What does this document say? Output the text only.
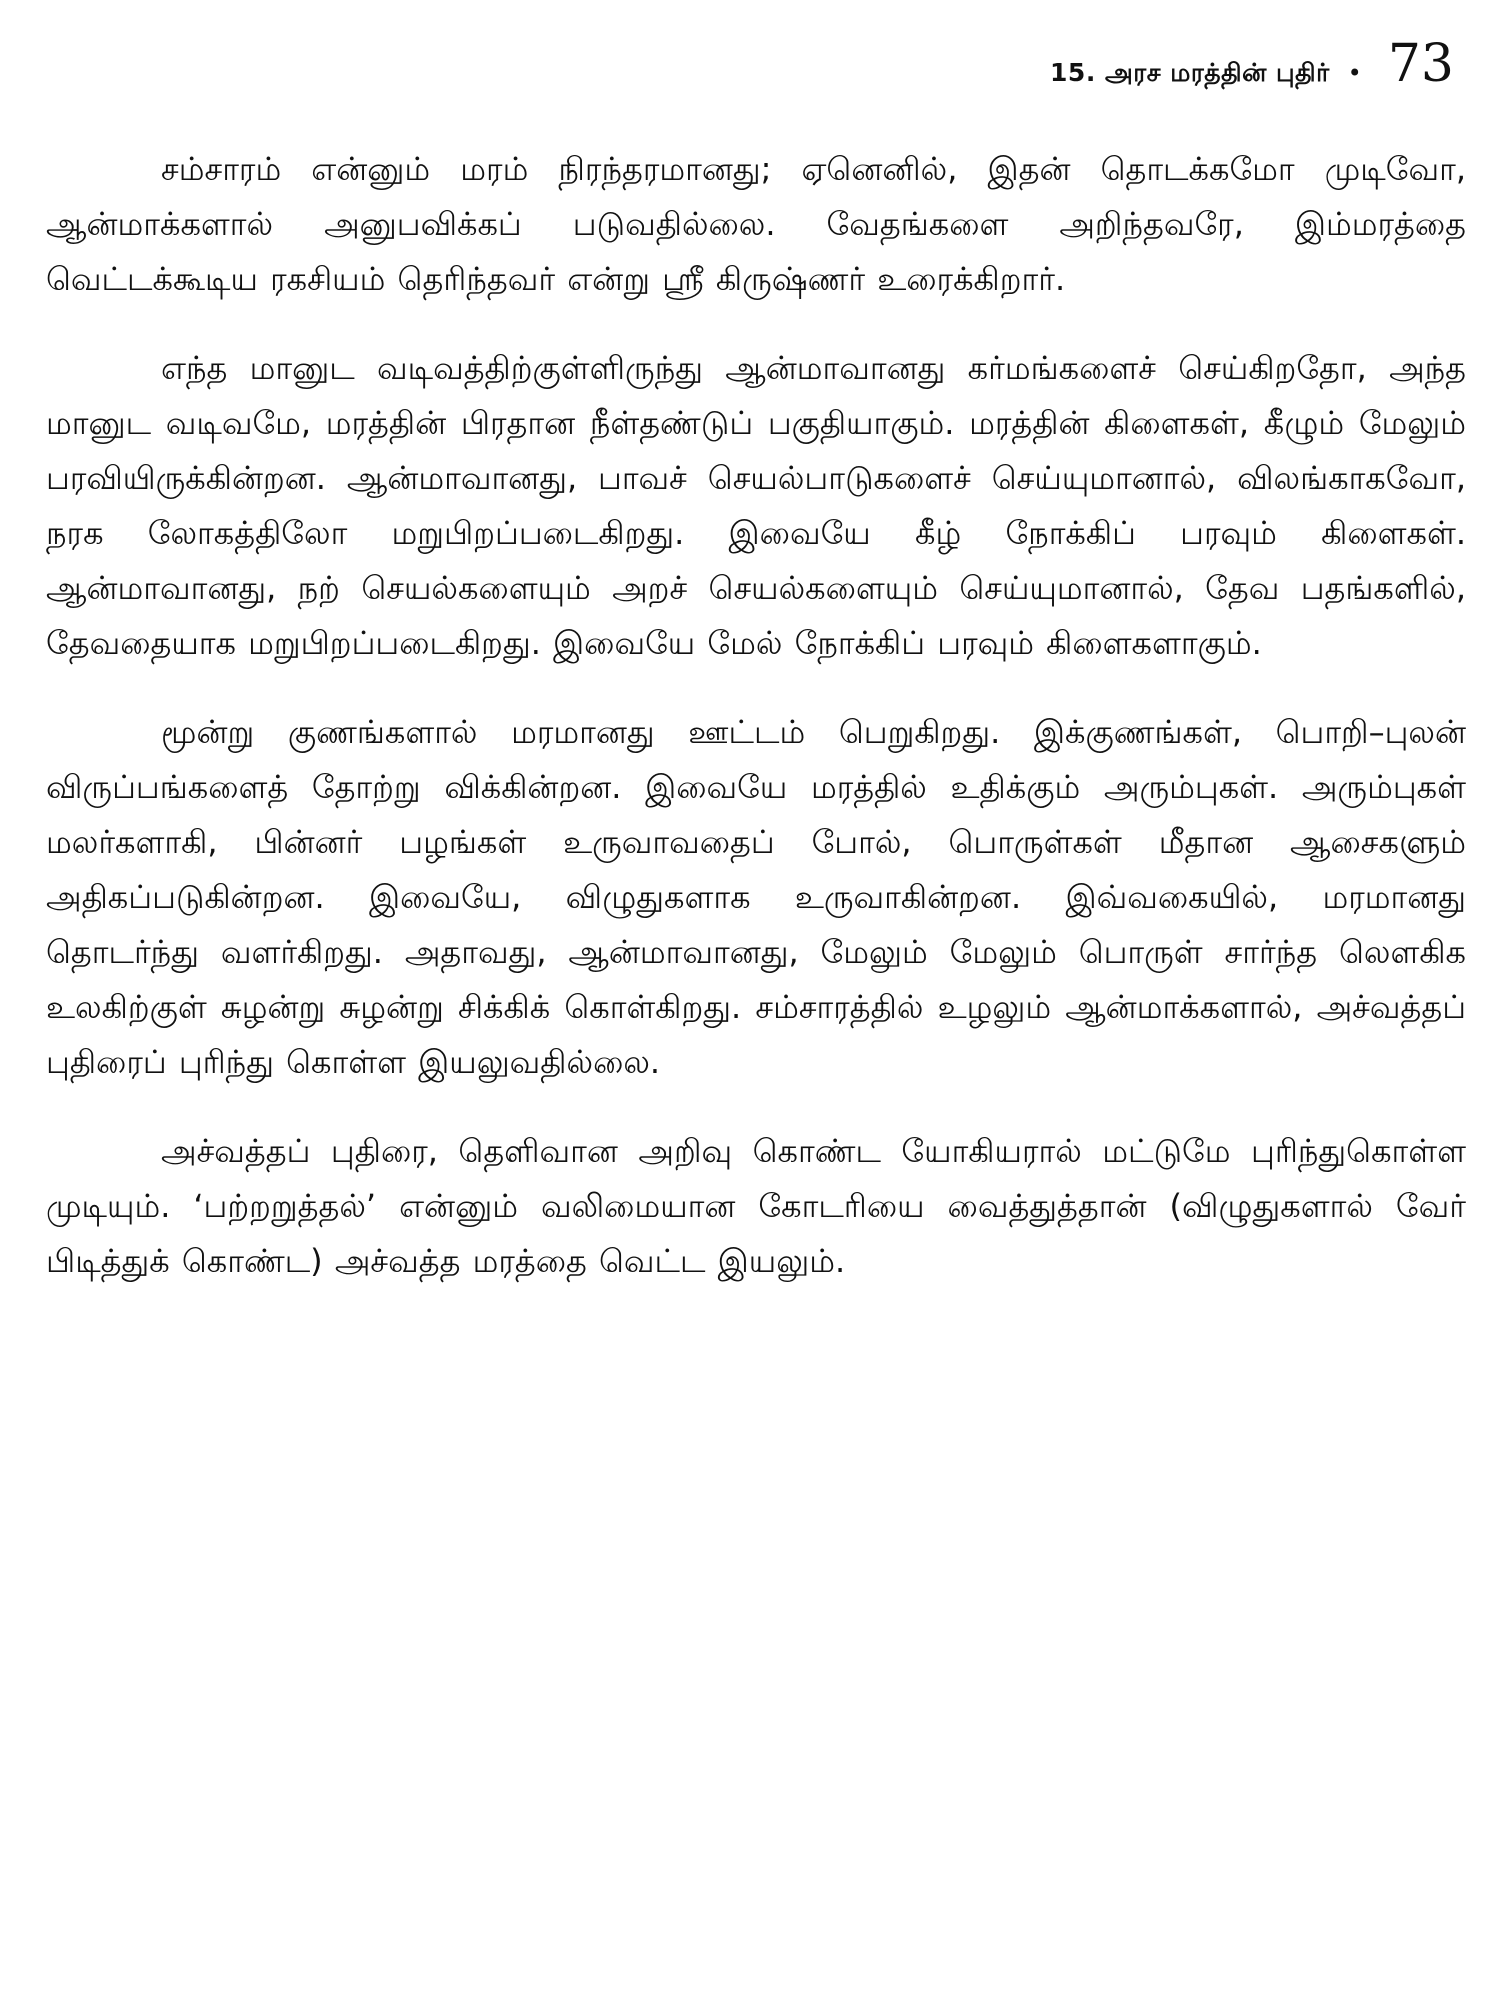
15. அரச மரத்தின் புதிர் • 73

சம்சாரம் என்னும் மரம் நிரந்தரமானது; ஏனெனில், இதன் தொடக்கமோ முடிவோ, ஆன்மாக்களால் அனுபவிக்கப் படுவதில்லை. வேதங்களை அறிந்தவரே, இம்மரத்தை வெட்டக்கூடிய ரகசியம் தெரிந்தவர் என்று ஸ்ரீ கிருஷ்ணர் உரைக்கிறார்.

எந்த மானுட வடிவத்திற்குள்ளிருந்து ஆன்மாவானது கர்மங்களைச் செய்கிறதோ, அந்த மானுட வடிவமே, மரத்தின் பிரதான நீள்தண்டுப் பகுதியாகும். மரத்தின் கிளைகள், கீழும் மேலும் பரவியிருக்கின்றன. ஆன்மாவானது, பாவச் செயல்பாடுகளைச் செய்யுமானால், விலங்காகவோ, நரக லோகத்திலோ மறுபிறப்படைகிறது. இவையே கீழ் நோக்கிப் பரவும் கிளைகள். ஆன்மாவானது, நற் செயல்களையும் அறச் செயல்களையும் செய்யுமானால், தேவ பதங்களில், தேவதையாக மறுபிறப்படைகிறது. இவையே மேல் நோக்கிப் பரவும் கிளைகளாகும்.

மூன்று குணங்களால் மரமானது ஊட்டம் பெறுகிறது. இக்குணங்கள், பொறி–புலன் விருப்பங்களைத் தோற்று விக்கின்றன. இவையே மரத்தில் உதிக்கும் அரும்புகள். அரும்புகள் மலர்களாகி, பின்னர் பழங்கள் உருவாவதைப் போல், பொருள்கள் மீதான ஆசைகளும் அதிகப்படுகின்றன. இவையே, விழுதுகளாக உருவாகின்றன. இவ்வகையில், மரமானது தொடர்ந்து வளர்கிறது. அதாவது, ஆன்மாவானது, மேலும் மேலும் பொருள் சார்ந்த லௌகிக உலகிற்குள் சுழன்று சுழன்று சிக்கிக் கொள்கிறது. சம்சாரத்தில் உழலும் ஆன்மாக்களால், அச்வத்தப் புதிரைப் புரிந்து கொள்ள இயலுவதில்லை.

அச்வத்தப் புதிரை, தெளிவான அறிவு கொண்ட யோகியரால் மட்டுமே புரிந்துகொள்ள முடியும். ‘பற்றறுத்தல்’ என்னும் வலிமையான கோடரியை வைத்துத்தான் (விழுதுகளால் வேர் பிடித்துக் கொண்ட) அச்வத்த மரத்தை வெட்ட இயலும்.
